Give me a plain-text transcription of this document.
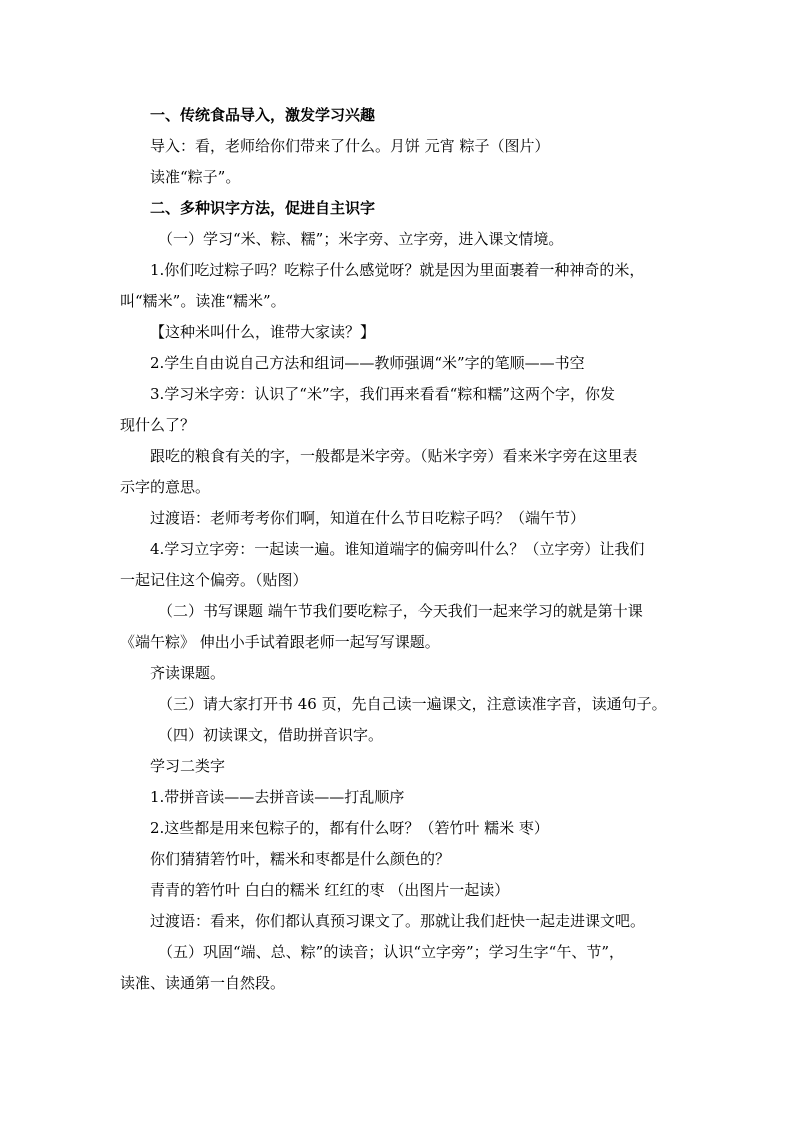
一、传统食品导入，激发学习兴趣
导入：看，老师给你们带来了什么。月饼 元宵 粽子（图片）
读准“粽子”。
二、多种识字方法，促进自主识字
（一）学习“米、粽、糯”；米字旁、立字旁，进入课文情境。
1.你们吃过粽子吗？吃粽子什么感觉呀？就是因为里面裹着一种神奇的米，
叫“糯米”。读准“糯米”。
【这种米叫什么，谁带大家读？】
2.学生自由说自己方法和组词——教师强调“米”字的笔顺——书空
3.学习米字旁：认识了“米”字，我们再来看看“粽和糯”这两个字，你发
现什么了？
跟吃的粮食有关的字，一般都是米字旁。（贴米字旁）看来米字旁在这里表
示字的意思。
过渡语：老师考考你们啊，知道在什么节日吃粽子吗？（端午节）
4.学习立字旁：一起读一遍。谁知道端字的偏旁叫什么？（立字旁）让我们
一起记住这个偏旁。（贴图）
（二）书写课题 端午节我们要吃粽子，今天我们一起来学习的就是第十课
《端午粽》 伸出小手试着跟老师一起写写课题。
齐读课题。
（三）请大家打开书 46 页，先自己读一遍课文，注意读准字音，读通句子。
（四）初读课文，借助拼音识字。
学习二类字
1.带拼音读——去拼音读——打乱顺序
2.这些都是用来包粽子的，都有什么呀？（箬竹叶 糯米 枣）
你们猜猜箬竹叶，糯米和枣都是什么颜色的？
青青的箬竹叶 白白的糯米 红红的枣 （出图片一起读）
过渡语：看来，你们都认真预习课文了。那就让我们赶快一起走进课文吧。
（五）巩固“端、总、粽”的读音；认识“立字旁”；学习生字“午、节”，
读准、读通第一自然段。
